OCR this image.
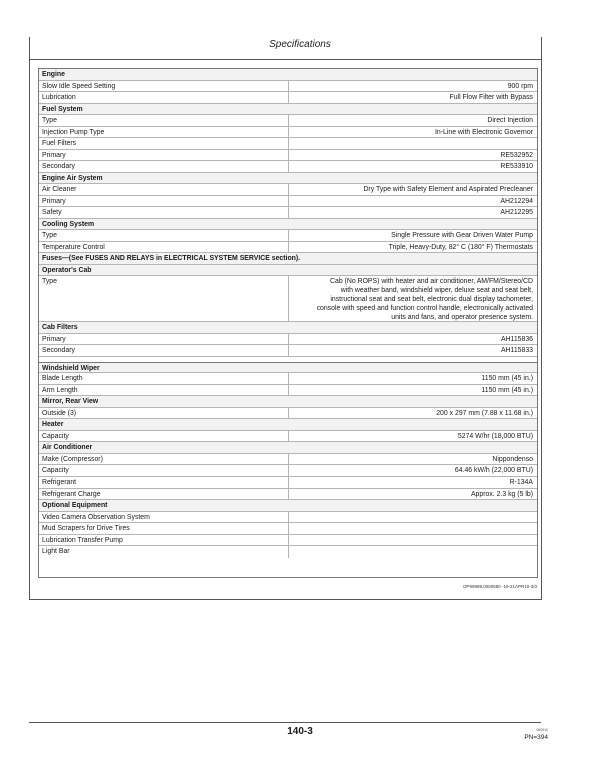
Specifications
Engine
Slow Idle Speed Setting	900 rpm
Lubrication	Full Flow Filter with Bypass
Fuel System
Type	Direct Injection
Injection Pump Type	In-Line with Electronic Governor
Fuel Filters
Primary	RE532952
Secondary	RE533910
Engine Air System
Air Cleaner	Dry Type with Safety Element and Aspirated Precleaner
Primary	AH212294
Safety	AH212295
Cooling System
Type	Single Pressure with Gear Driven Water Pump
Temperature Control	Triple, Heavy-Duty, 82° C (180° F) Thermostats
Fuses—(See FUSES AND RELAYS in ELECTRICAL SYSTEM SERVICE section).
Operator's Cab
Type	Cab (No ROPS) with heater and air conditioner, AM/FM/Stereo/CD
with weather band, windshield wiper, deluxe seat and seat belt,
instructional seat and seat belt, electronic dual display tachometer,
console with speed and function control handle, electronically activated
units and fans, and operator presence system.
Cab Filters
Primary	AH115836
Secondary	AH115833
Windshield Wiper
Blade Length	1150 mm (45 in.)
Arm Length	1150 mm (45 in.)
Mirror, Rear View
Outside (3)	200 x 297 mm (7.88 x 11.68 in.)
Heater
Capacity	5274 W/hr (18,000 BTU)
Air Conditioner
Make (Compressor)	Nippondenso
Capacity	64.46 kW/h (22,000 BTU)
Refrigerant	R-134A
Refrigerant Charge	Approx. 2.3 kg (5 lb)
Optional Equipment
Video Camera Observation System
Mud Scrapers for Drive Tires
Lubrication Transfer Pump
Light Bar
DP99999,0000590 -19-21APR10-3/3
140-3	060510
PN=394
